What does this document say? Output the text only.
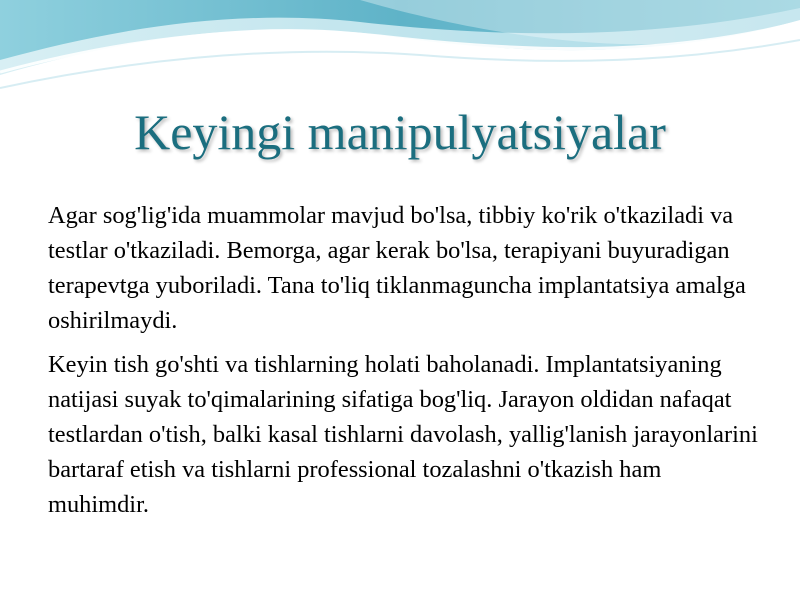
Keyingi manipulyatsiyalar

Agar sog'lig'ida muammolar mavjud bo'lsa, tibbiy ko'rik o'tkaziladi va testlar o'tkaziladi. Bemorga, agar kerak bo'lsa, terapiyani buyuradigan terapevtga yuboriladi. Tana to'liq tiklanmaguncha implantatsiya amalga oshirilmaydi.

Keyin tish go'shti va tishlarning holati baholanadi. Implantatsiyaning natijasi suyak to'qimalarining sifatiga bog'liq. Jarayon oldidan nafaqat testlardan o'tish, balki kasal tishlarni davolash, yallig'lanish jarayonlarini bartaraf etish va tishlarni professional tozalashni o'tkazish ham muhimdir.
